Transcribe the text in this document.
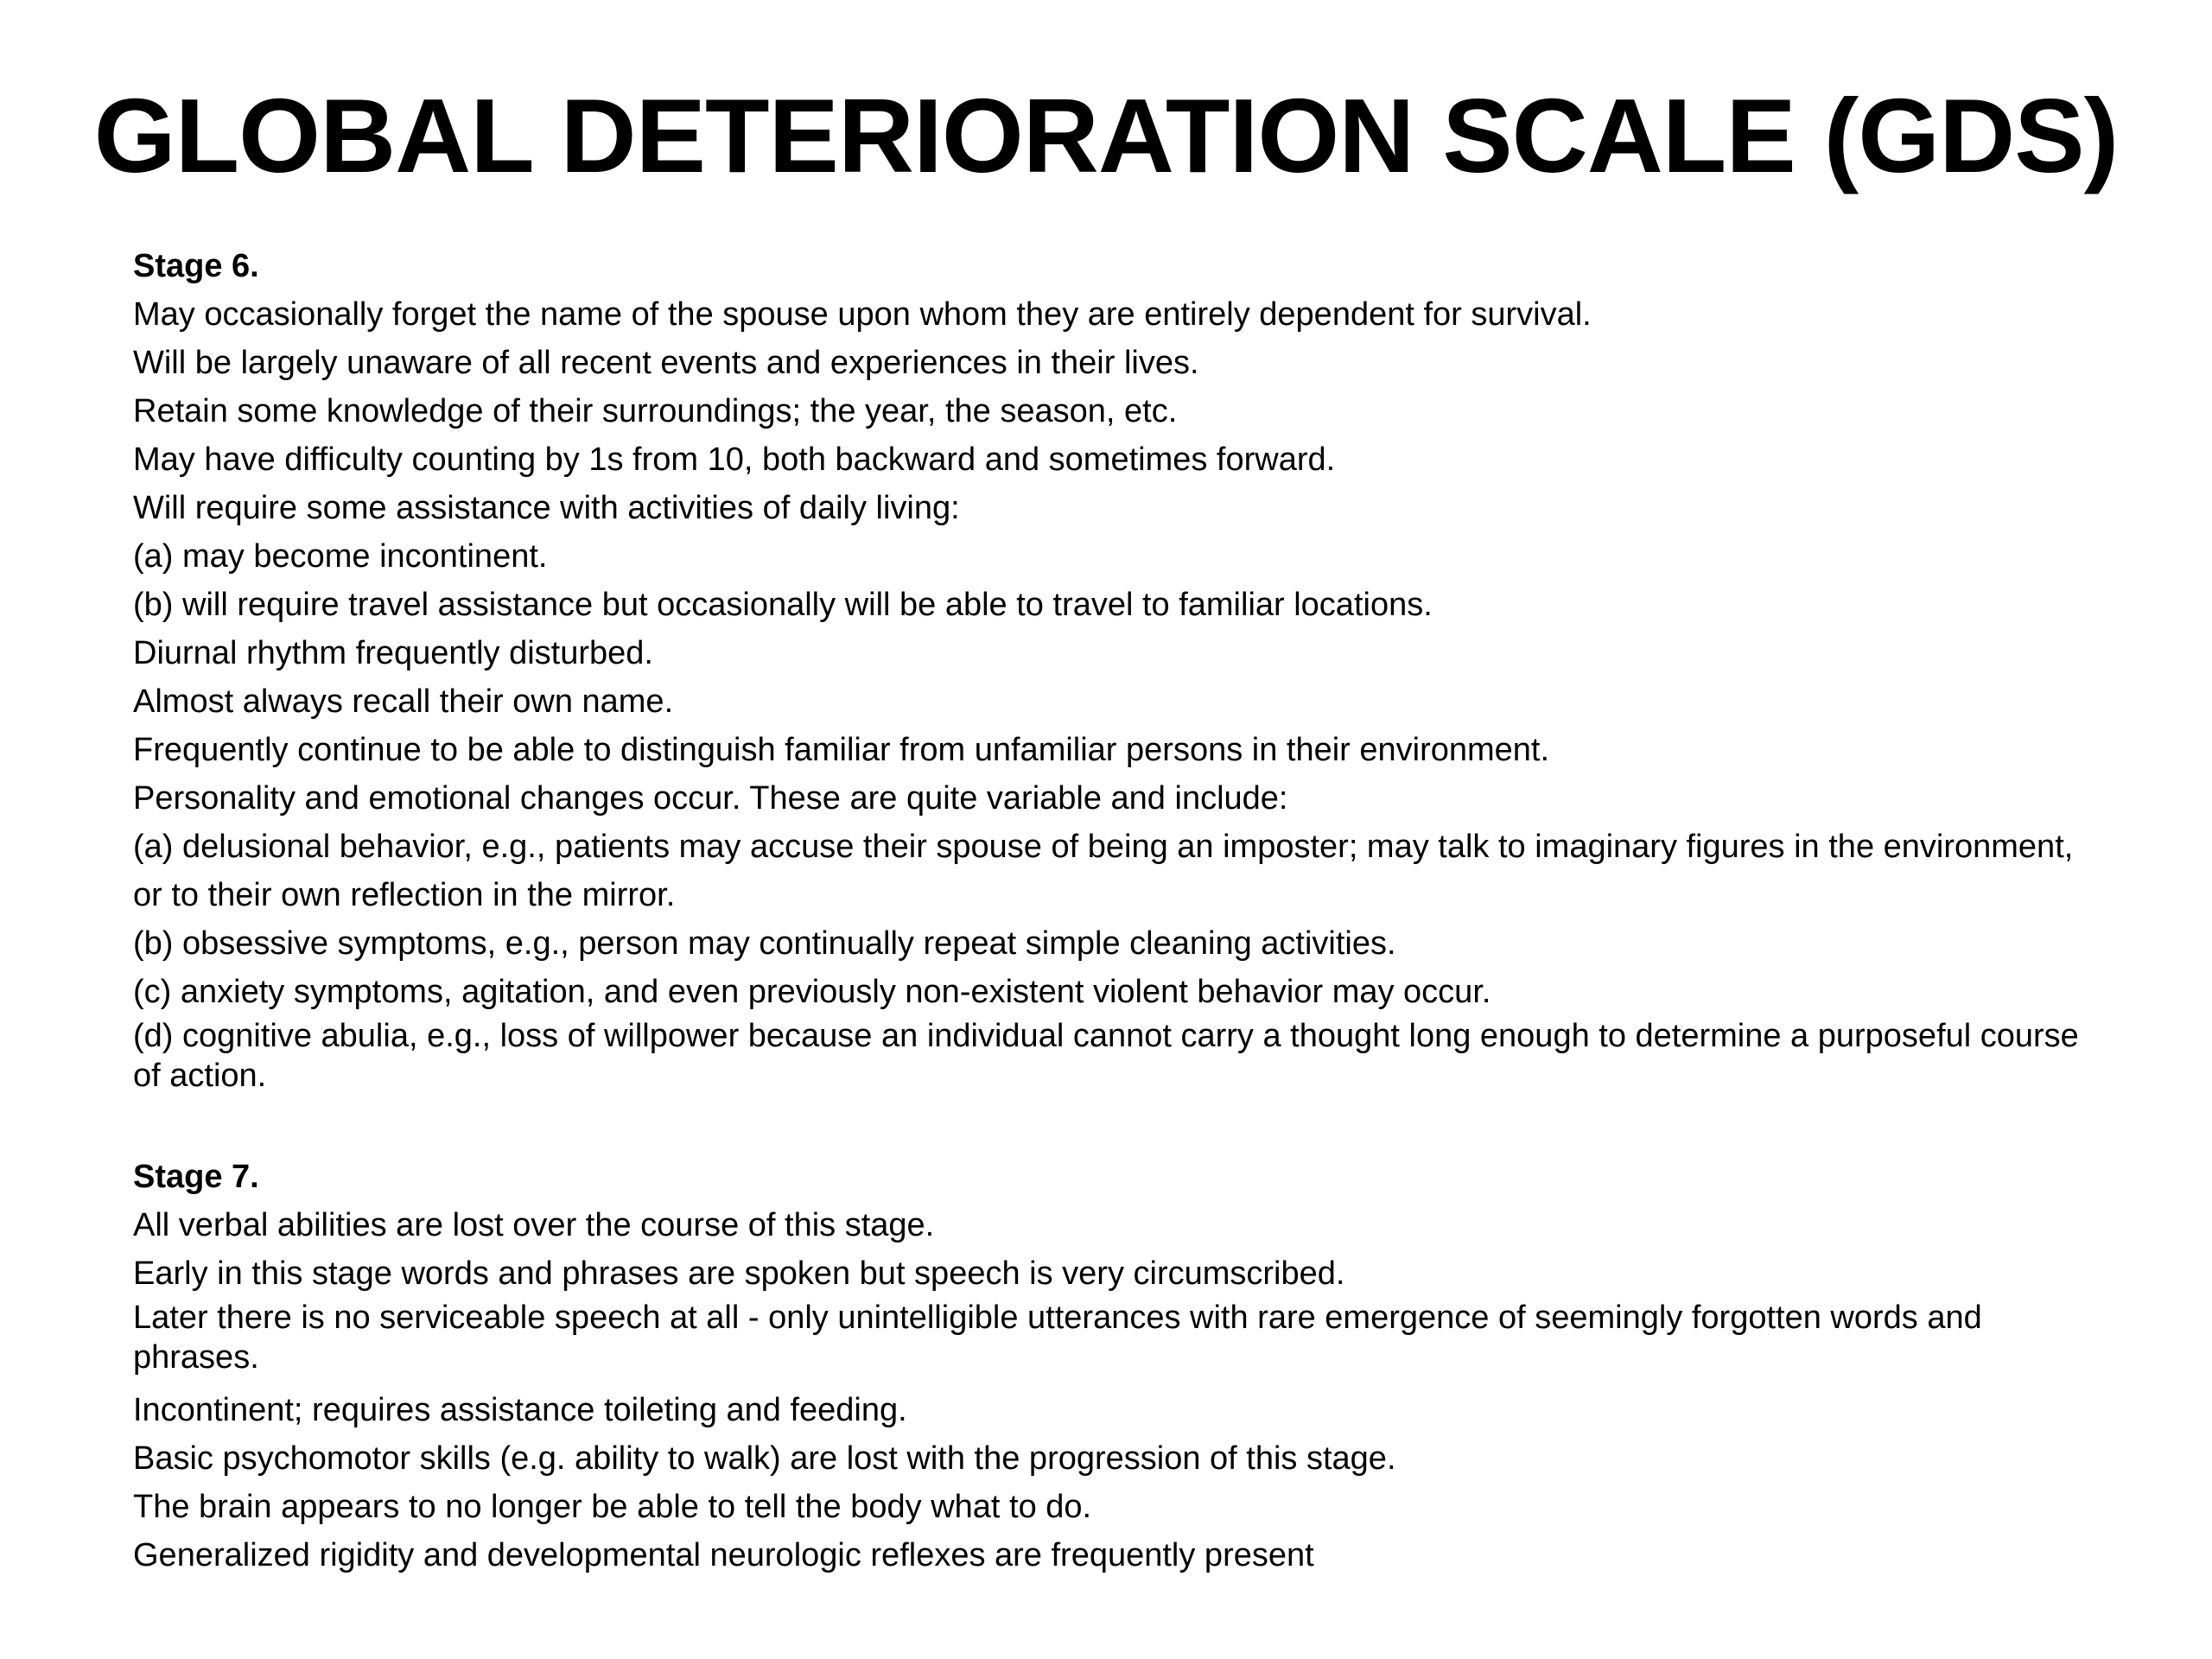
GLOBAL DETERIORATION SCALE (GDS)

Stage 6.

May occasionally forget the name of the spouse upon whom they are entirely dependent for survival.
Will be largely unaware of all recent events and experiences in their lives.
Retain some knowledge of their surroundings; the year, the season, etc.
May have difficulty counting by 1s from 10, both backward and sometimes forward.
Will require some assistance with activities of daily living:
(a) may become incontinent.
(b) will require travel assistance but occasionally will be able to travel to familiar locations.
Diurnal rhythm frequently disturbed.
Almost always recall their own name.
Frequently continue to be able to distinguish familiar from unfamiliar persons in their environment.
Personality and emotional changes occur. These are quite variable and include:
(a) delusional behavior, e.g., patients may accuse their spouse of being an imposter; may talk to imaginary figures in the environment, or to their own reflection in the mirror.
(b) obsessive symptoms, e.g., person may continually repeat simple cleaning activities.
(c) anxiety symptoms, agitation, and even previously non-existent violent behavior may occur.
(d) cognitive abulia, e.g., loss of willpower because an individual cannot carry a thought long enough to determine a purposeful course of action.

Stage 7.

All verbal abilities are lost over the course of this stage.
Early in this stage words and phrases are spoken but speech is very circumscribed.
Later there is no serviceable speech at all - only unintelligible utterances with rare emergence of seemingly forgotten words and phrases.
Incontinent; requires assistance toileting and feeding.
Basic psychomotor skills (e.g. ability to walk) are lost with the progression of this stage.
The brain appears to no longer be able to tell the body what to do.
Generalized rigidity and developmental neurologic reflexes are frequently present
